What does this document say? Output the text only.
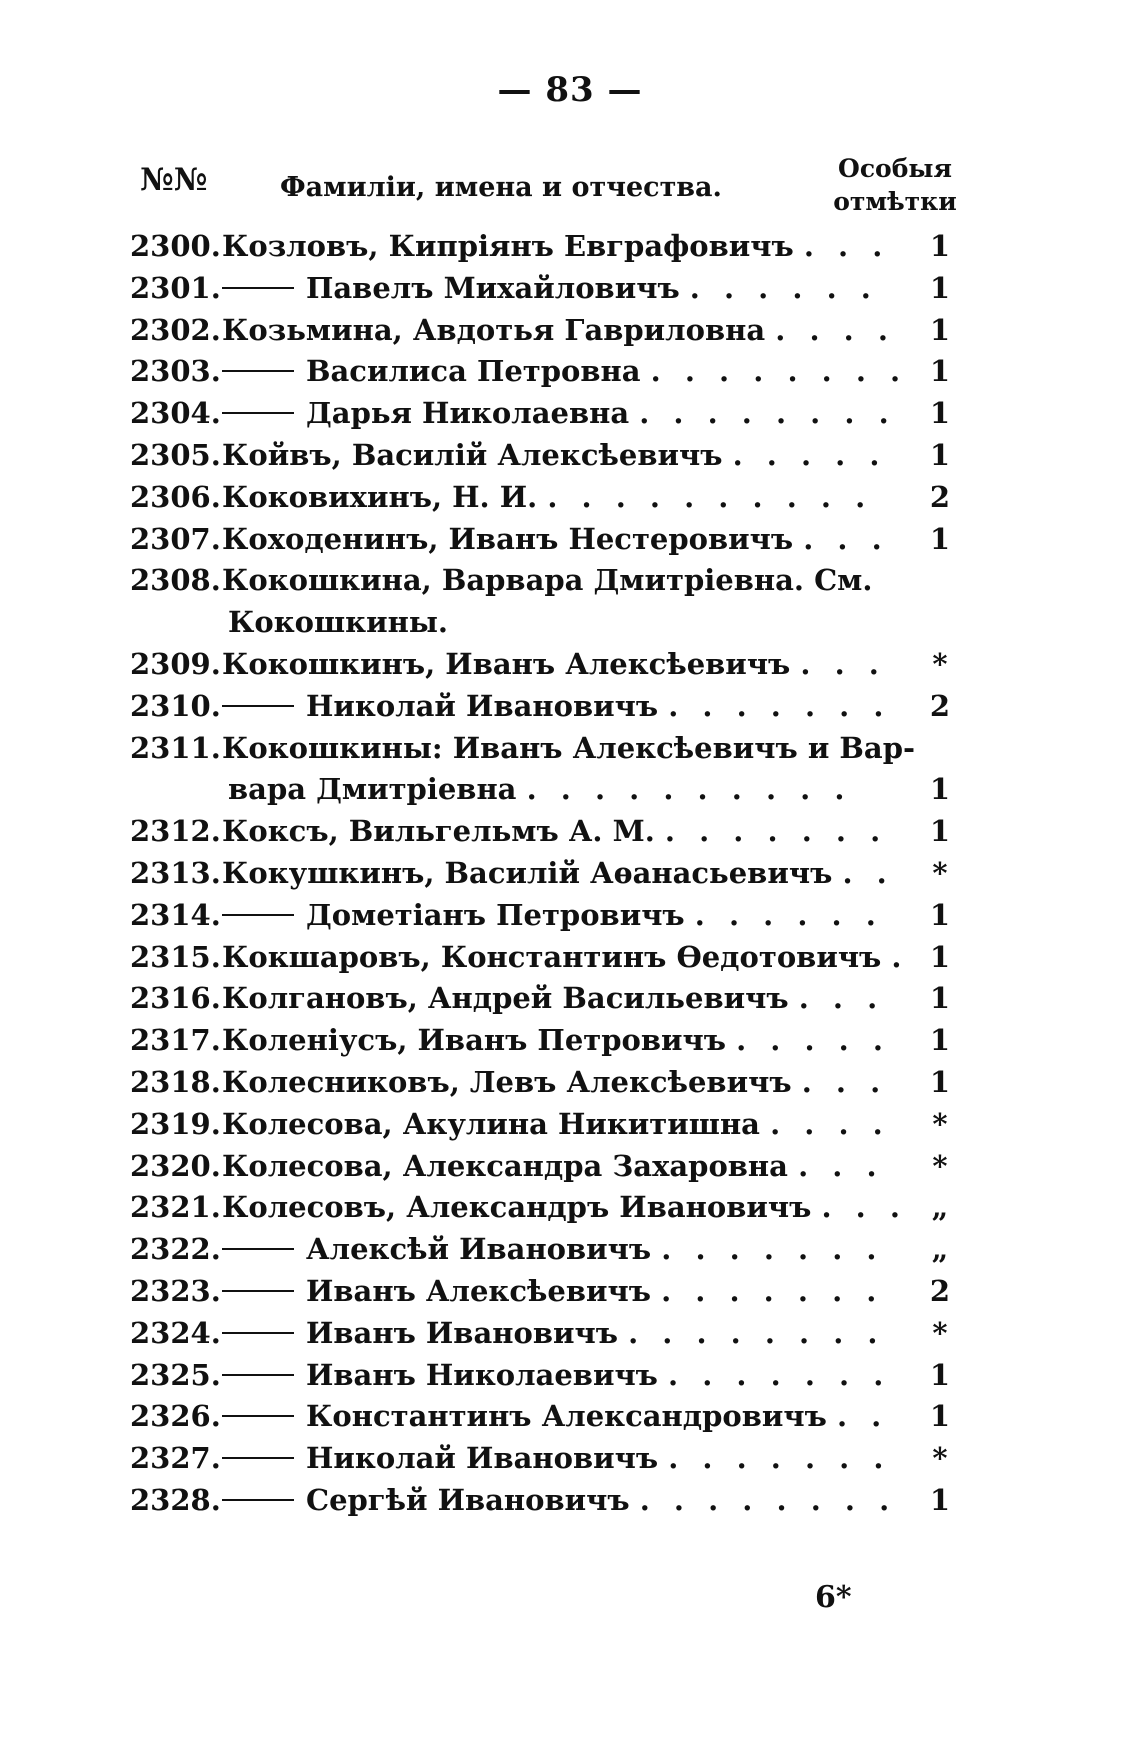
— 83 —
№№	Фамиліи, имена и отчества.
Особыя
отмѣтки
2300. Козловъ, Кипріянъ Евграфовичъ . . .	1
2301.	Павелъ Михайловичъ . . . . . .	1
2302. Козьмина, Авдотья Гавриловна . . . .	1
2303.	Василиса Петровна . . . . . . . . 1
2304.	Дарья Николаевна . . . . . . . .	1
2305. Койвъ, Василій Алексѣевичъ . . . . .	1
2306. Коковихинъ, Н. И. . . . . . . . . . .	2
2307. Коходенинъ, Иванъ Нестеровичъ . . .	1
2308. Кокошкина, Варвара Дмитріевна. См.
Кокошкины.
2309. Кокошкинъ, Иванъ Алексѣевичъ . . .	*
2310.	Николай Ивановичъ . . . . . . .	2
2311. Кокошкины: Иванъ Алексѣевичъ и Вар-
вара Дмитріевна . . . . . . . . . .	1
2312. Коксъ, Вильгельмъ А. М. . . . . . . .	1
2313. Кокушкинъ, Василій Аѳанасьевичъ . .	*
2314.	Дометіанъ Петровичъ . . . . . .	1
2315. Кокшаровъ, Константинъ Ѳедотовичъ . 1
2316. Колгановъ, Андрей Васильевичъ . . .	1
2317. Коленіусъ, Иванъ Петровичъ . . . . .	1
2318. Колесниковъ, Левъ Алексѣевичъ . . .	1
2319. Колесова, Акулина Никитишна . . . .	*
2320. Колесова, Александра Захаровна . . .	*
2321. Колесовъ, Александръ Ивановичъ . . . „
2322.	Алексѣй Ивановичъ . . . . . . .	„
2323.	Иванъ Алексѣевичъ . . . . . . .	2
2324.	Иванъ Ивановичъ . . . . . . . .	*
2325.	Иванъ Николаевичъ . . . . . . .	1
2326.	Константинъ Александровичъ . .	1
2327.	Николай Ивановичъ . . . . . . .	*
2328.	Сергѣй Ивановичъ . . . . . . . .	1
6*
